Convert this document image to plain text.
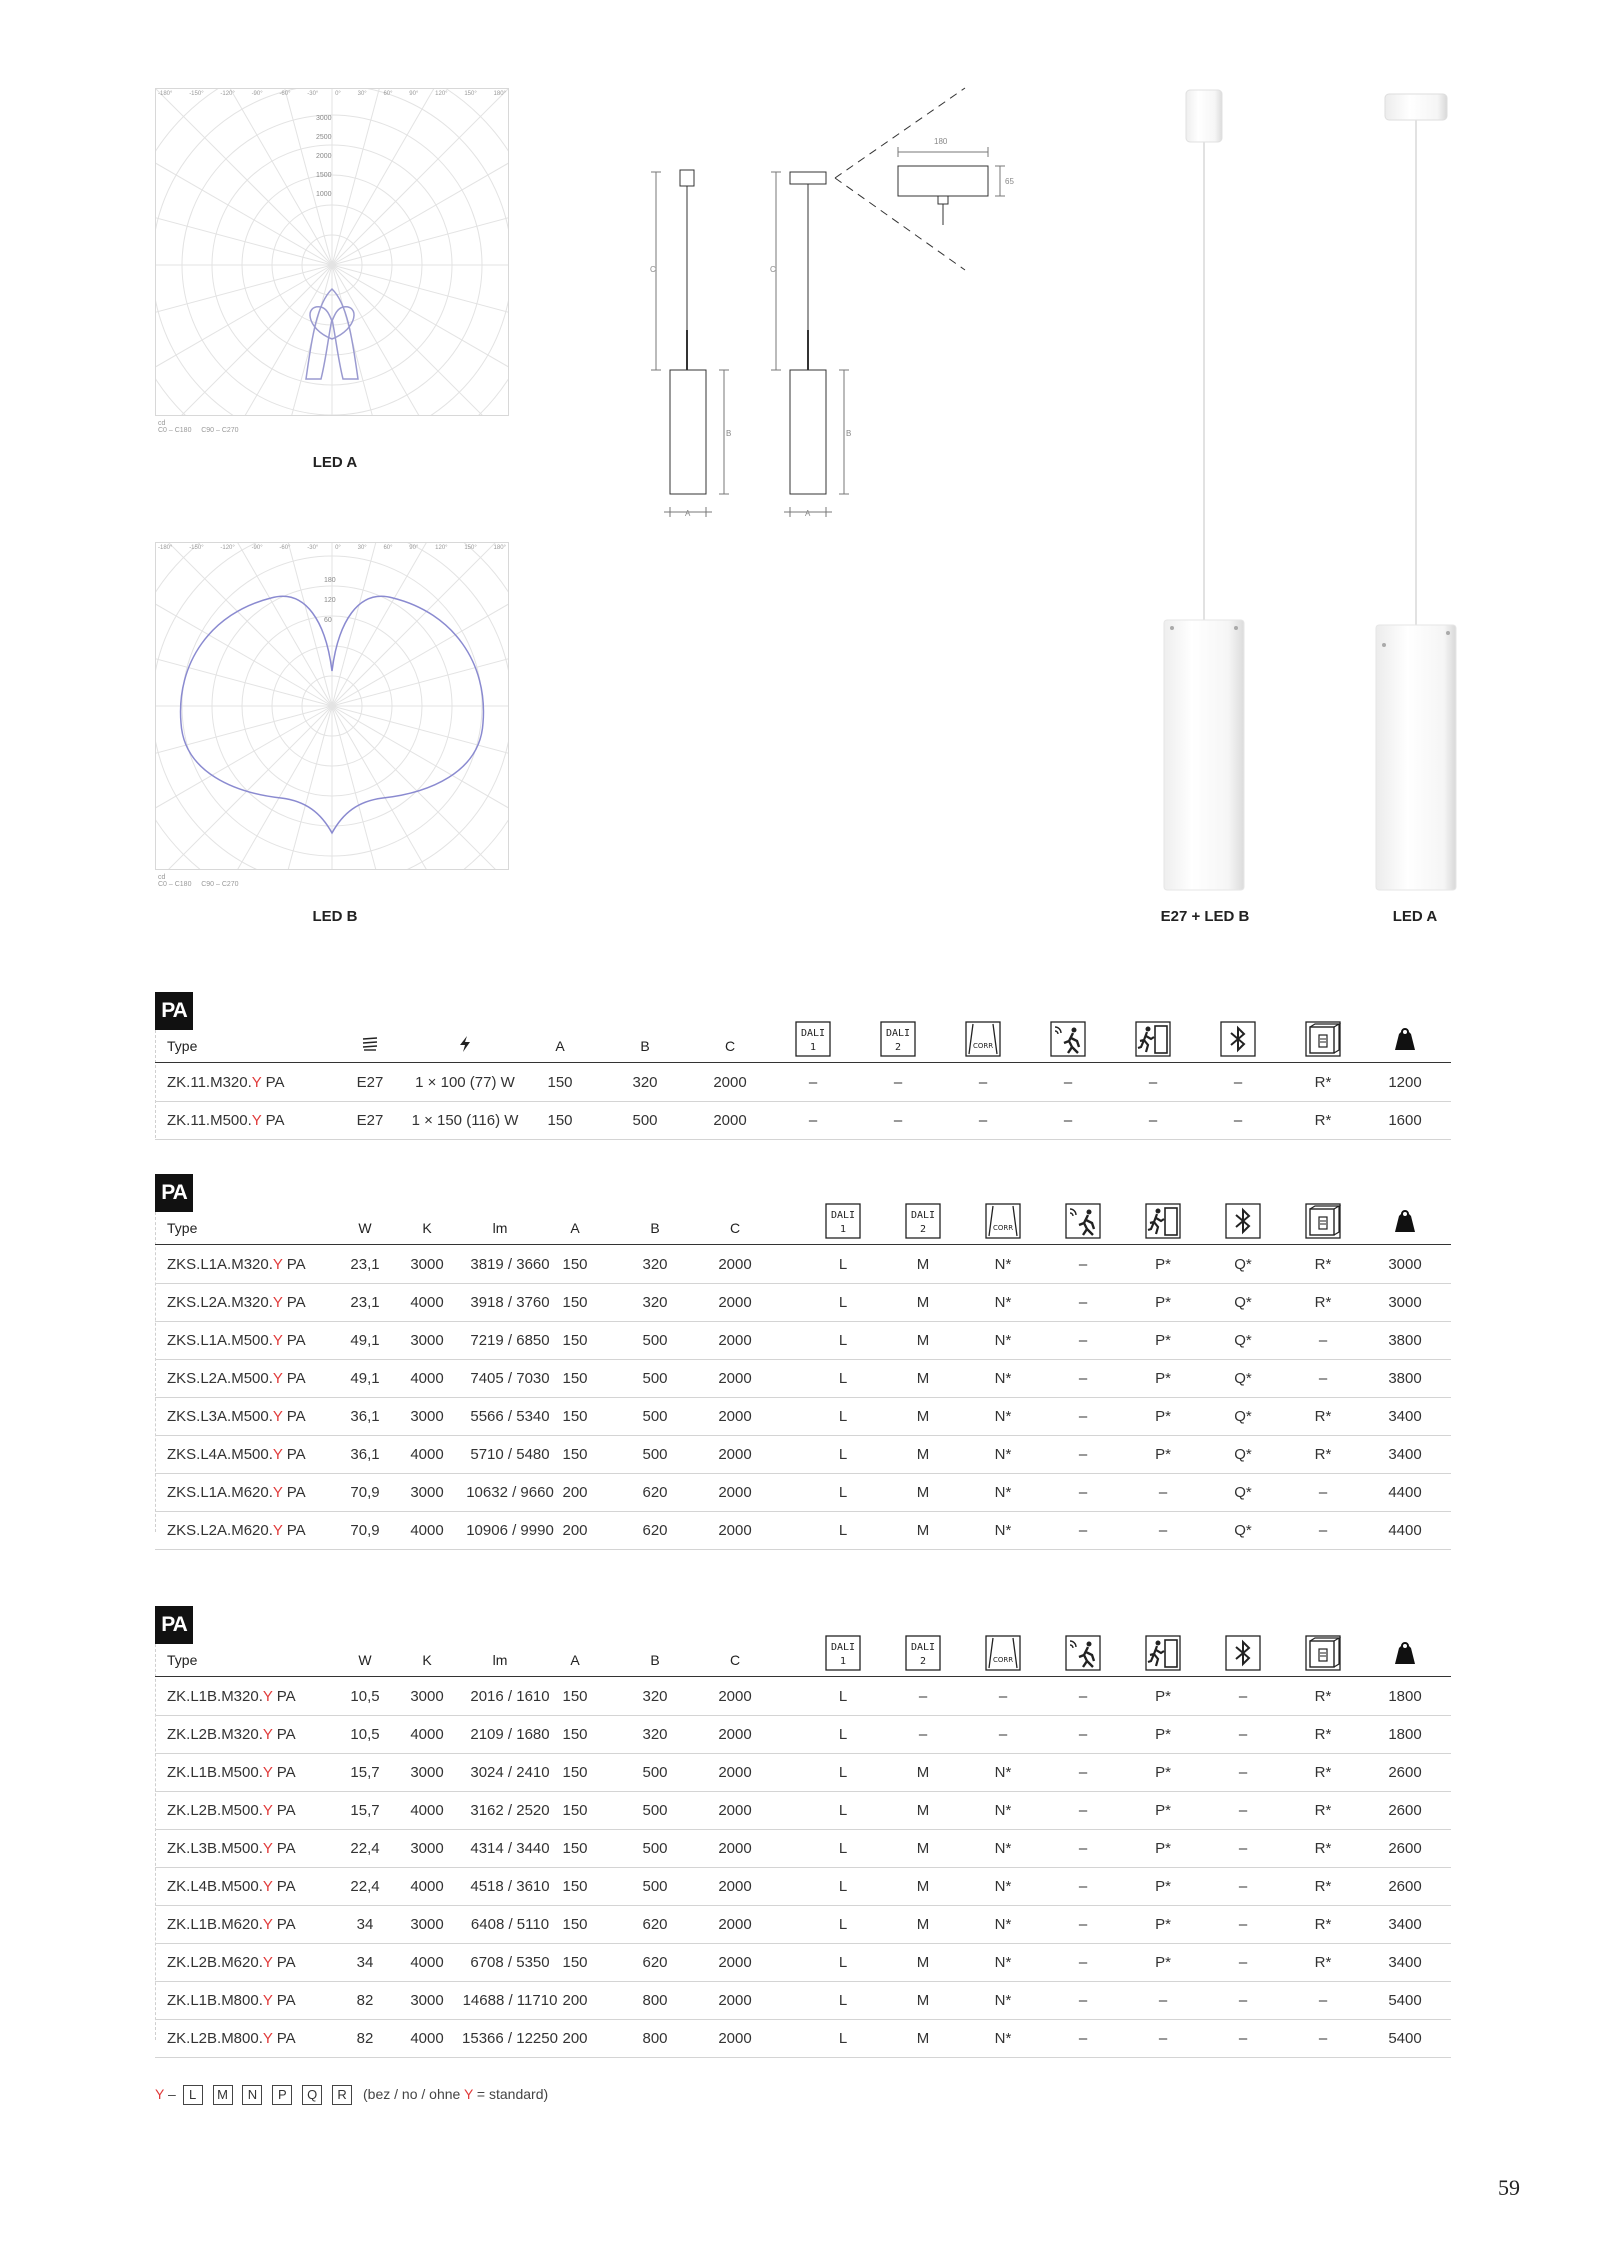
3000
2500
2000
1500
1000
-180°	-150°	-120°	-90°	-60°	-30°	0°	30°	60°	90°	120°	150°	180°
cd
C0 – C180 C90 – C270
LED A
180
120
60
-180°	-150°	-120°	-90°	-60°	-30°	0°	30°	60°	90°	120°	150°	180°
cd
C0 – C180 C90 – C270
LED B
180
65
C	C
B	B
A	A
E27 + LED B	LED A
PA
Type	A	B	C
DALI
1
DALI
2	CORR
ZK.11.M320.Y PA	E27	1 × 100 (77) W	150	320	2000	–	–	–	–	–	–	R*	1200
ZK.11.M500.Y PA	E27	1 × 150 (116) W	150	500	2000	–	–	–	–	–	–	R*	1600
PA
Type	W	K	lm	A	B	C
DALI
1
DALI
2	CORR
ZKS.L1A.M320.Y PA	23,1	3000	3819 / 3660 150	320	2000	L	M	N*	–	P*	Q*	R*	3000
ZKS.L2A.M320.Y PA	23,1	4000	3918 / 3760 150	320	2000	L	M	N*	–	P*	Q*	R*	3000
ZKS.L1A.M500.Y PA	49,1	3000	7219 / 6850 150	500	2000	L	M	N*	–	P*	Q*	–	3800
ZKS.L2A.M500.Y PA	49,1	4000	7405 / 7030 150	500	2000	L	M	N*	–	P*	Q*	–	3800
ZKS.L3A.M500.Y PA	36,1	3000	5566 / 5340 150	500	2000	L	M	N*	–	P*	Q*	R*	3400
ZKS.L4A.M500.Y PA	36,1	4000	5710 / 5480 150	500	2000	L	M	N*	–	P*	Q*	R*	3400
ZKS.L1A.M620.Y PA	70,9	3000	10632 / 9660 200	620	2000	L	M	N*	–	–	Q*	–	4400
ZKS.L2A.M620.Y PA	70,9	4000	10906 / 9990 200	620	2000	L	M	N*	–	–	Q*	–	4400
PA
Type	W	K	lm	A	B	C
DALI
1
DALI
2	CORR
ZK.L1B.M320.Y PA	10,5	3000	2016 / 1610 150	320	2000	L	–	–	–	P*	–	R*	1800
ZK.L2B.M320.Y PA	10,5	4000	2109 / 1680 150	320	2000	L	–	–	–	P*	–	R*	1800
ZK.L1B.M500.Y PA	15,7	3000	3024 / 2410 150	500	2000	L	M	N*	–	P*	–	R*	2600
ZK.L2B.M500.Y PA	15,7	4000	3162 / 2520 150	500	2000	L	M	N*	–	P*	–	R*	2600
ZK.L3B.M500.Y PA	22,4	3000	4314 / 3440 150	500	2000	L	M	N*	–	P*	–	R*	2600
ZK.L4B.M500.Y PA	22,4	4000	4518 / 3610 150	500	2000	L	M	N*	–	P*	–	R*	2600
ZK.L1B.M620.Y PA	34	3000	6408 / 5110 150	620	2000	L	M	N*	–	P*	–	R*	3400
ZK.L2B.M620.Y PA	34	4000	6708 / 5350 150	620	2000	L	M	N*	–	P*	–	R*	3400
ZK.L1B.M800.Y PA	82	3000	14688 / 11710 200	800	2000	L	M	N*	–	–	–	–	5400
ZK.L2B.M800.Y PA	82	4000	15366 / 12250 200	800	2000	L	M	N*	–	–	–	–	5400
Y – L M N P Q R (bez / no / ohne Y = standard)
59
